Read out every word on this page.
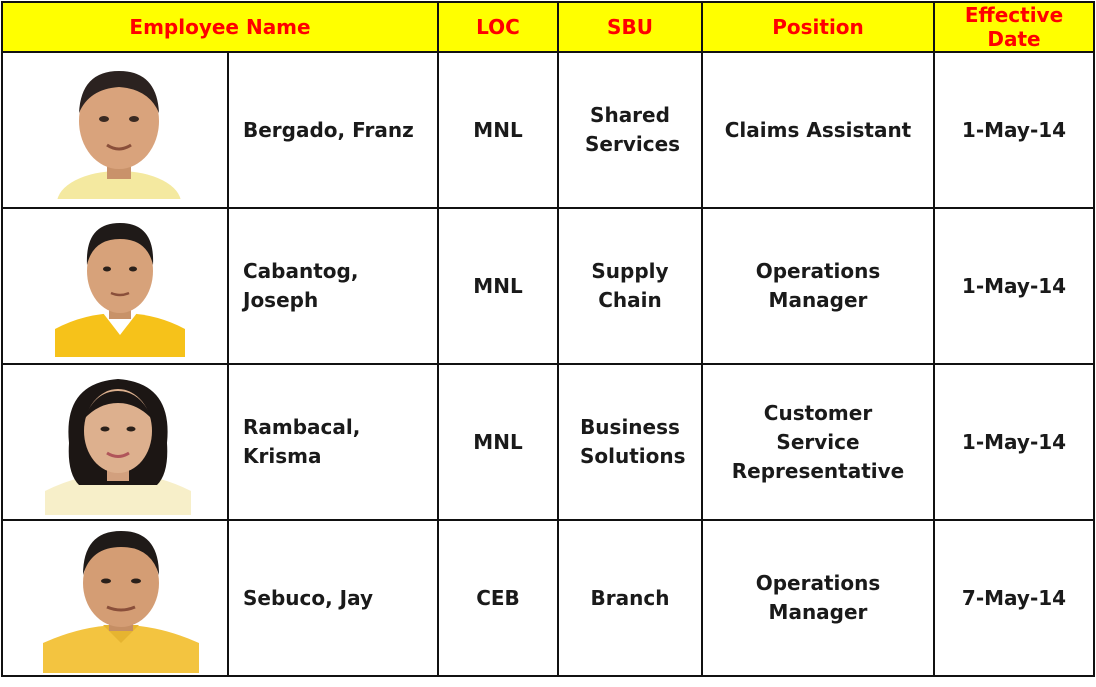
Employee Name		LOC	SBU	Position	Effective Date

	Bergado, Franz	MNL	Shared Services	Claims Assistant	1-May-14

	Cabantog, Joseph	MNL	Supply Chain	Operations Manager	1-May-14

	Rambacal, Krisma	MNL	Business Solutions	Customer Service Representative	1-May-14

	Sebuco, Jay	CEB	Branch	Operations Manager	7-May-14
